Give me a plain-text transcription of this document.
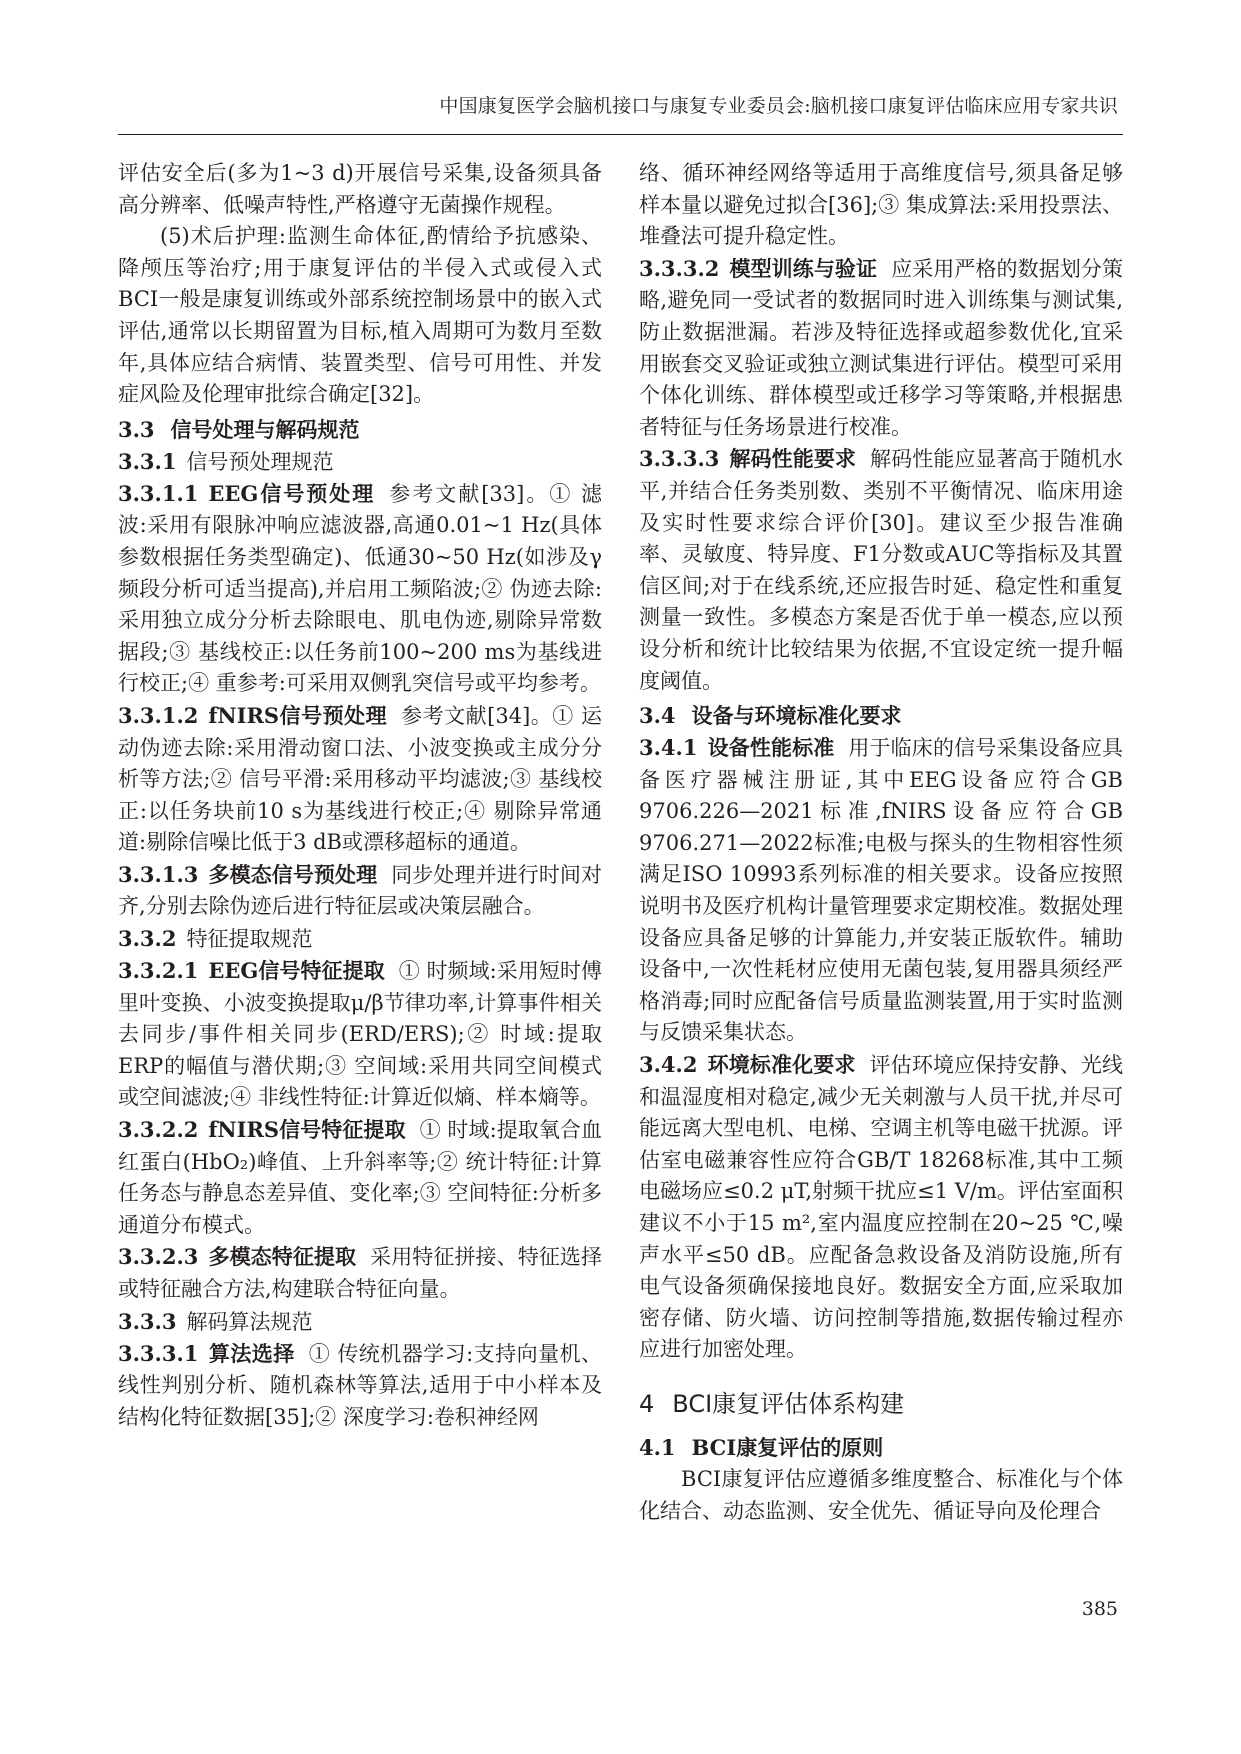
中国康复医学会脑机接口与康复专业委员会:脑机接口康复评估临床应用专家共识

评估安全后(多为1~3 d)开展信号采集,设备须具备高分辨率、低噪声特性,严格遵守无菌操作规程。

(5)术后护理:监测生命体征,酌情给予抗感染、降颅压等治疗;用于康复评估的半侵入式或侵入式BCI一般是康复训练或外部系统控制场景中的嵌入式评估,通常以长期留置为目标,植入周期可为数月至数年,具体应结合病情、装置类型、信号可用性、并发症风险及伦理审批综合确定[32]。

3.3 信号处理与解码规范
3.3.1 信号预处理规范

3.3.1.1 EEG信号预处理 参考文献[33]。① 滤波:采用有限脉冲响应滤波器,高通0.01~1 Hz(具体参数根据任务类型确定)、低通30~50 Hz(如涉及γ频段分析可适当提高),并启用工频陷波;② 伪迹去除:采用独立成分分析去除眼电、肌电伪迹,剔除异常数据段;③ 基线校正:以任务前100~200 ms为基线进行校正;④ 重参考:可采用双侧乳突信号或平均参考。

3.3.1.2 fNIRS信号预处理 参考文献[34]。① 运动伪迹去除:采用滑动窗口法、小波变换或主成分分析等方法;② 信号平滑:采用移动平均滤波;③ 基线校正:以任务块前10 s为基线进行校正;④ 剔除异常通道:剔除信噪比低于3 dB或漂移超标的通道。

3.3.1.3 多模态信号预处理 同步处理并进行时间对齐,分别去除伪迹后进行特征层或决策层融合。

3.3.2 特征提取规范

3.3.2.1 EEG信号特征提取 ① 时频域:采用短时傅里叶变换、小波变换提取μ/β节律功率,计算事件相关去同步/事件相关同步(ERD/ERS);② 时域:提取ERP的幅值与潜伏期;③ 空间域:采用共同空间模式或空间滤波;④ 非线性特征:计算近似熵、样本熵等。

3.3.2.2 fNIRS信号特征提取 ① 时域:提取氧合血红蛋白(HbO₂)峰值、上升斜率等;② 统计特征:计算任务态与静息态差异值、变化率;③ 空间特征:分析多通道分布模式。

3.3.2.3 多模态特征提取 采用特征拼接、特征选择或特征融合方法,构建联合特征向量。

3.3.3 解码算法规范

3.3.3.1 算法选择 ① 传统机器学习:支持向量机、线性判别分析、随机森林等算法,适用于中小样本及结构化特征数据[35];② 深度学习:卷积神经网

络、循环神经网络等适用于高维度信号,须具备足够样本量以避免过拟合[36];③ 集成算法:采用投票法、堆叠法可提升稳定性。

3.3.3.2 模型训练与验证 应采用严格的数据划分策略,避免同一受试者的数据同时进入训练集与测试集,防止数据泄漏。若涉及特征选择或超参数优化,宜采用嵌套交叉验证或独立测试集进行评估。模型可采用个体化训练、群体模型或迁移学习等策略,并根据患者特征与任务场景进行校准。

3.3.3.3 解码性能要求 解码性能应显著高于随机水平,并结合任务类别数、类别不平衡情况、临床用途及实时性要求综合评价[30]。建议至少报告准确率、灵敏度、特异度、F1分数或AUC等指标及其置信区间;对于在线系统,还应报告时延、稳定性和重复测量一致性。多模态方案是否优于单一模态,应以预设分析和统计比较结果为依据,不宜设定统一提升幅度阈值。

3.4 设备与环境标准化要求

3.4.1 设备性能标准 用于临床的信号采集设备应具备医疗器械注册证,其中EEG设备应符合GB 9706.226—2021标准,fNIRS设备应符合GB 9706.271—2022标准;电极与探头的生物相容性须满足ISO 10993系列标准的相关要求。设备应按照说明书及医疗机构计量管理要求定期校准。数据处理设备应具备足够的计算能力,并安装正版软件。辅助设备中,一次性耗材应使用无菌包装,复用器具须经严格消毒;同时应配备信号质量监测装置,用于实时监测与反馈采集状态。

3.4.2 环境标准化要求 评估环境应保持安静、光线和温湿度相对稳定,减少无关刺激与人员干扰,并尽可能远离大型电机、电梯、空调主机等电磁干扰源。评估室电磁兼容性应符合GB/T 18268标准,其中工频电磁场应≤0.2 μT,射频干扰应≤1 V/m。评估室面积建议不小于15 m²,室内温度应控制在20~25 ℃,噪声水平≤50 dB。应配备急救设备及消防设施,所有电气设备须确保接地良好。数据安全方面,应采取加密存储、防火墙、访问控制等措施,数据传输过程亦应进行加密处理。

4 BCI康复评估体系构建
4.1 BCI康复评估的原则

BCI康复评估应遵循多维度整合、标准化与个体化结合、动态监测、安全优先、循证导向及伦理合

385
